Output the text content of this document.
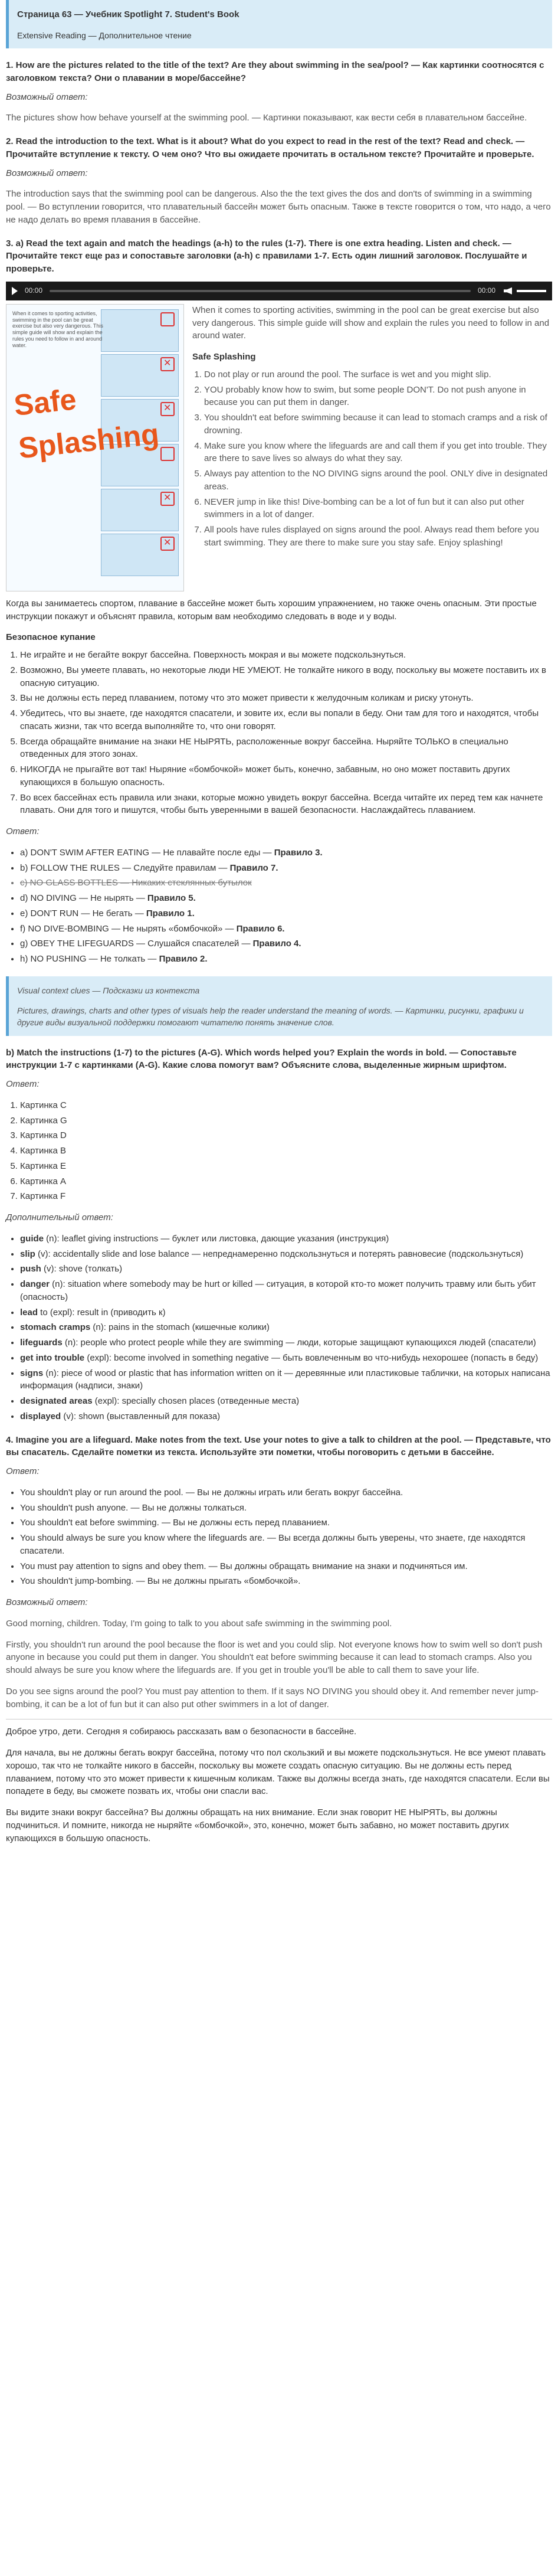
Страница 63 — Учебник Spotlight 7. Student's Book
Extensive Reading — Дополнительное чтение
1. How are the pictures related to the title of the text? Are they about swimming in the sea/pool? — Как картинки соотносятся с заголовком текста? Они о плавании в море/бассейне?
Возможный ответ:

The pictures show how behave yourself at the swimming pool. — Картинки показывают, как вести себя в плавательном бассейне.

2. Read the introduction to the text. What is it about? What do you expect to read in the rest of the text? Read and check. — Прочитайте вступление к тексту. О чем оно? Что вы ожидаете прочитать в остальном тексте? Прочитайте и проверьте.
Возможный ответ:

The introduction says that the swimming pool can be dangerous. Also the the text gives the dos and don'ts of swimming in a swimming pool. — Во вступлении говорится, что плавательный бассейн может быть опасным. Также в тексте говорится о том, что надо, а чего не надо делать во время плавания в бассейне.

3. a) Read the text again and match the headings (a-h) to the rules (1-7). There is one extra heading. Listen and check. — Прочитайте текст еще раз и сопоставьте заголовки (a-h) с правилами 1-7. Есть один лишний заголовок. Послушайте и проверьте.
00:00	00:00
✕
✕
✕
✕
When it comes to sporting activities, swimming in the pool can be great exercise but also very dangerous. This simple guide will show and explain the rules you need to follow in and around water.
Safe Splashing

When it comes to sporting activities, swimming in the pool can be great exercise but also very dangerous. This simple guide will show and explain the rules you need to follow in and around water.

Safe Splashing
1. Do not play or run around the pool. The surface is wet and you might slip.
2. YOU probably know how to swim, but some people DON'T. Do not push anyone in because you can put them in danger.
3. You shouldn't eat before swimming because it can lead to stomach cramps and a risk of drowning.
4. Make sure you know where the lifeguards are and call them if you get into trouble. They are there to save lives so always do what they say.
5. Always pay attention to the NO DIVING signs around the pool. ONLY dive in designated areas.
6. NEVER jump in like this! Dive-bombing can be a lot of fun but it can also put other swimmers in a lot of danger.
7. All pools have rules displayed on signs around the pool. Always read them before you start swimming. They are there to make sure you stay safe. Enjoy splashing!

Когда вы занимаетесь спортом, плавание в бассейне может быть хорошим упражнением, но также очень опасным. Эти простые инструкции покажут и объяснят правила, которым вам необходимо следовать в воде и у воды.

Безопасное купание
1. Не играйте и не бегайте вокруг бассейна. Поверхность мокрая и вы можете подскользнуться.
2. Возможно, Вы умеете плавать, но некоторые люди НЕ УМЕЮТ. Не толкайте никого в воду, поскольку вы можете поставить их в опасную ситуацию.
3. Вы не должны есть перед плаванием, потому что это может привести к желудочным коликам и риску утонуть.
4. Убедитесь, что вы знаете, где находятся спасатели, и зовите их, если вы попали в беду. Они там для того и находятся, чтобы спасать жизни, так что всегда выполняйте то, что они говорят.
5. Всегда обращайте внимание на знаки НЕ НЫРЯТЬ, расположенные вокруг бассейна. Ныряйте ТОЛЬКО в специально отведенных для этого зонах.
6. НИКОГДА не прыгайте вот так! Ныряние «бомбочкой» может быть, конечно, забавным, но оно может поставить других купающихся в большую опасность.
7. Во всех бассейнах есть правила или знаки, которые можно увидеть вокруг бассейна. Всегда читайте их перед тем как начнете плавать. Они для того и пишутся, чтобы быть уверенными в вашей безопасности. Наслаждайтесь плаванием.
Ответ:
• a) DON'T SWIM AFTER EATING — Не плавайте после еды — Правило 3.
• b) FOLLOW THE RULES — Следуйте правилам — Правило 7.
• c) NO GLASS BOTTLES — Никаких стеклянных бутылок
• d) NO DIVING — Не нырять — Правило 5.
• e) DON'T RUN — Не бегать — Правило 1.
• f) NO DIVE-BOMBING — Не нырять «бомбочкой» — Правило 6.
• g) OBEY THE LIFEGUARDS — Слушайся спасателей — Правило 4.
• h) NO PUSHING — Не толкать — Правило 2.
Visual context clues — Подсказки из контекста
Pictures, drawings, charts and other types of visuals help the reader understand the meaning of words. — Картинки, рисунки, графики и другие виды визуальной поддержки помогают читателю понять значение слов.
b) Match the instructions (1-7) to the pictures (A-G). Which words helped you? Explain the words in bold. — Сопоставьте инструкции 1-7 с картинками (A-G). Какие слова помогут вам? Объясните слова, выделенные жирным шрифтом.
Ответ:
1. Картинка C
2. Картинка G
3. Картинка D
4. Картинка B
5. Картинка E
6. Картинка A
7. Картинка F
Дополнительный ответ:
• guide (n): leaflet giving instructions — буклет или листовка, дающие указания (инструкция)
• slip (v): accidentally slide and lose balance — непреднамеренно подскользнуться и потерять равновесие (подскользнуться)
• push (v): shove (толкать)
• danger (n): situation where somebody may be hurt or killed — ситуация, в которой кто-то может получить травму или быть убит (опасность)
• lead to (expl): result in (приводить к)
• stomach cramps (n): pains in the stomach (кишечные колики)
• lifeguards (n): people who protect people while they are swimming — люди, которые защищают купающихся людей (спасатели)
• get into trouble (expl): become involved in something negative — быть вовлеченным во что-нибудь нехорошее (попасть в беду)
• signs (n): piece of wood or plastic that has information written on it — деревянные или пластиковые таблички, на которых написана информация (надписи, знаки)
• designated areas (expl): specially chosen places (отведенные места)
• displayed (v): shown (выставленный для показа)
4. Imagine you are a lifeguard. Make notes from the text. Use your notes to give a talk to children at the pool. — Представьте, что вы спасатель. Сделайте пометки из текста. Используйте эти пометки, чтобы поговорить с детьми в бассейне.
Ответ:
• You shouldn't play or run around the pool. — Вы не должны играть или бегать вокруг бассейна.
• You shouldn't push anyone. — Вы не должны толкаться.
• You shouldn't eat before swimming. — Вы не должны есть перед плаванием.
• You should always be sure you know where the lifeguards are. — Вы всегда должны быть уверены, что знаете, где находятся спасатели.
• You must pay attention to signs and obey them. — Вы должны обращать внимание на знаки и подчиняться им.
• You shouldn't jump-bombing. — Вы не должны прыгать «бомбочкой».
Возможный ответ:

Good morning, children. Today, I'm going to talk to you about safe swimming in the swimming pool.

Firstly, you shouldn't run around the pool because the floor is wet and you could slip. Not everyone knows how to swim well so don't push anyone in because you could put them in danger. You shouldn't eat before swimming because it can lead to stomach cramps. Also you should always be sure you know where the lifeguards are. If you get in trouble you'll be able to call them to save your life.

Do you see signs around the pool? You must pay attention to them. If it says NO DIVING you should obey it. And remember never jump-bombing, it can be a lot of fun but it can also put other swimmers in a lot of danger.

Доброе утро, дети. Сегодня я собираюсь рассказать вам о безопасности в бассейне.

Для начала, вы не должны бегать вокруг бассейна, потому что пол скользкий и вы можете подскользнуться. Не все умеют плавать хорошо, так что не толкайте никого в бассейн, поскольку вы можете создать опасную ситуацию. Вы не должны есть перед плаванием, потому что это может привести к кишечным коликам. Также вы должны всегда знать, где находятся спасатели. Если вы попадете в беду, вы сможете позвать их, чтобы они спасли вас.

Вы видите знаки вокруг бассейна? Вы должны обращать на них внимание. Если знак говорит НЕ НЫРЯТЬ, вы должны подчиниться. И помните, никогда не ныряйте «бомбочкой», это, конечно, может быть забавно, но может поставить других купающихся в большую опасность.
